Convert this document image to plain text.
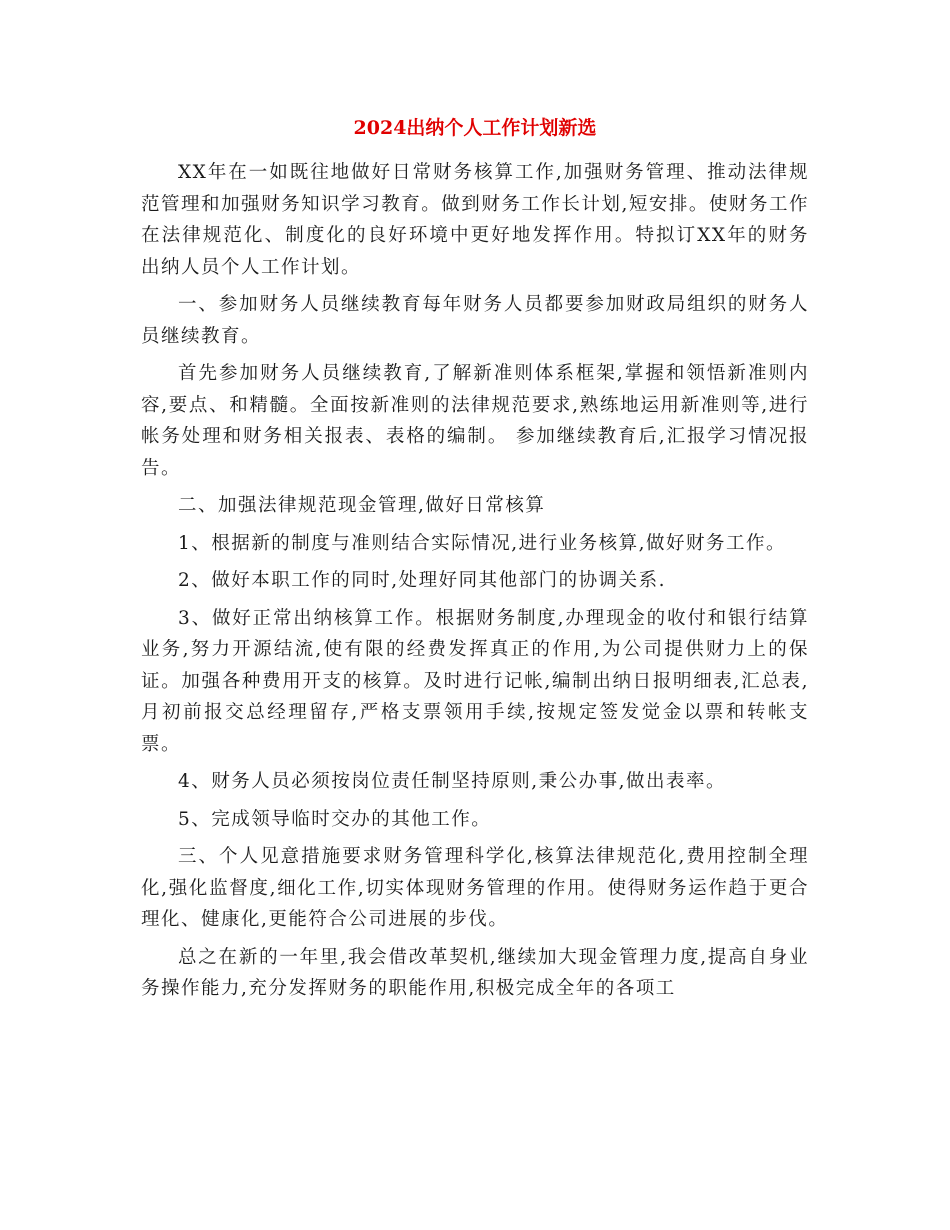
2024出纳个人工作计划新选

XX年在一如既往地做好日常财务核算工作,加强财务管理、推动法律规范管理和加强财务知识学习教育。做到财务工作长计划,短安排。使财务工作在法律规范化、制度化的良好环境中更好地发挥作用。特拟订XX年的财务出纳人员个人工作计划。

一、参加财务人员继续教育每年财务人员都要参加财政局组织的财务人员继续教育。

首先参加财务人员继续教育,了解新准则体系框架,掌握和领悟新准则内容,要点、和精髓。全面按新准则的法律规范要求,熟练地运用新准则等,进行帐务处理和财务相关报表、表格的编制。 参加继续教育后,汇报学习情况报告。

二、加强法律规范现金管理,做好日常核算

1、根据新的制度与准则结合实际情况,进行业务核算,做好财务工作。

2、做好本职工作的同时,处理好同其他部门的协调关系.

3、做好正常出纳核算工作。根据财务制度,办理现金的收付和银行结算业务,努力开源结流,使有限的经费发挥真正的作用,为公司提供财力上的保证。加强各种费用开支的核算。及时进行记帐,编制出纳日报明细表,汇总表,月初前报交总经理留存,严格支票领用手续,按规定签发觉金以票和转帐支票。

4、财务人员必须按岗位责任制坚持原则,秉公办事,做出表率。

5、完成领导临时交办的其他工作。

三、个人见意措施要求财务管理科学化,核算法律规范化,费用控制全理化,强化监督度,细化工作,切实体现财务管理的作用。使得财务运作趋于更合理化、健康化,更能符合公司进展的步伐。

总之在新的一年里,我会借改革契机,继续加大现金管理力度,提高自身业务操作能力,充分发挥财务的职能作用,积极完成全年的各项工
